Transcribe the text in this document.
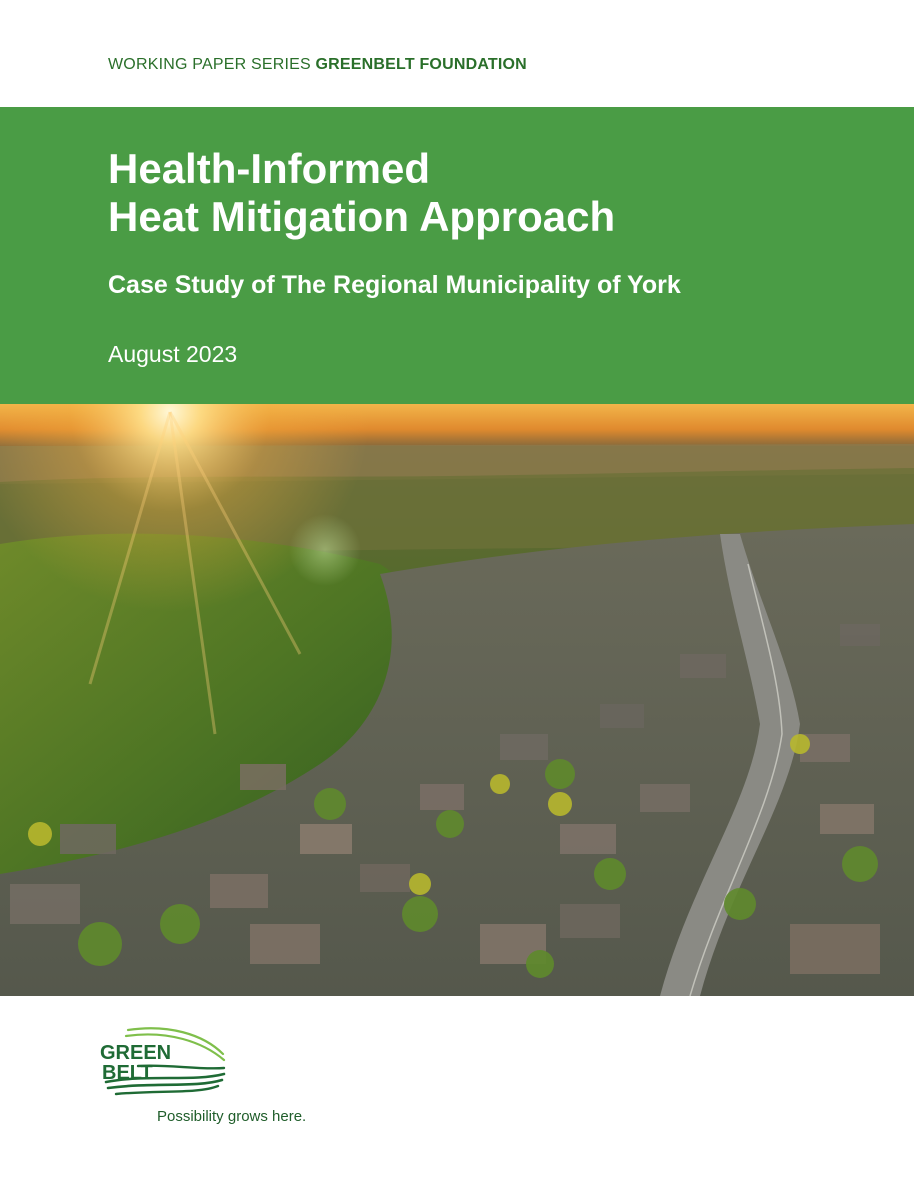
WORKING PAPER SERIES GREENBELT FOUNDATION
Health-Informed
Heat Mitigation Approach
Case Study of The Regional Municipality of York
August 2023
GREEN
BELT
Possibility grows here.
